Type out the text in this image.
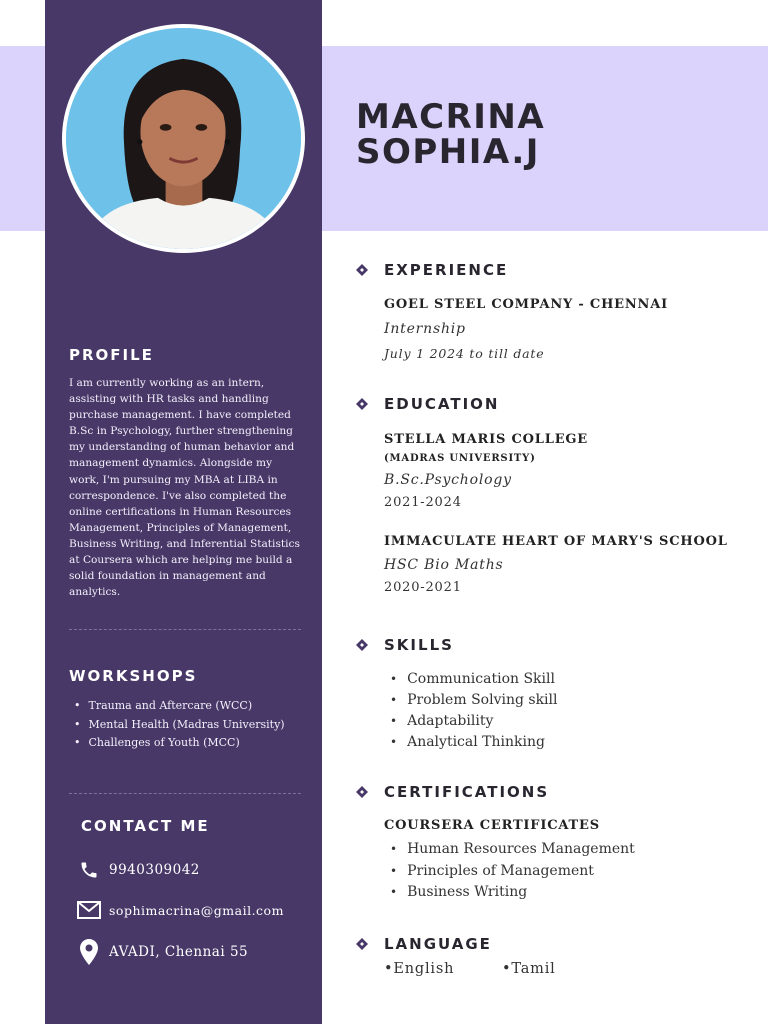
MACRINA
SOPHIA.J
PROFILE

I am currently working as an intern, assisting with HR tasks and handling purchase management. I have completed B.Sc in Psychology, further strengthening my understanding of human behavior and management dynamics. Alongside my work, I'm pursuing my MBA at LIBA in correspondence. I've also completed the online certifications in Human Resources Management, Principles of Management, Business Writing, and Inferential Statistics at Coursera which are helping me build a solid foundation in management and analytics.

WORKSHOPS
• Trauma and Aftercare (WCC)
• Mental Health (Madras University)
• Challenges of Youth (MCC)
CONTACT ME
9940309042
sophimacrina@gmail.com
AVADI, Chennai 55
EXPERIENCE
GOEL STEEL COMPANY - CHENNAI
Internship
July 1 2024 to till date
EDUCATION
STELLA MARIS COLLEGE
(MADRAS UNIVERSITY)
B.Sc.Psychology
2021-2024
IMMACULATE HEART OF MARY'S SCHOOL
HSC Bio Maths
2020-2021
SKILLS
• Communication Skill
• Problem Solving skill
• Adaptability
• Analytical Thinking
CERTIFICATIONS
COURSERA CERTIFICATES
• Human Resources Management
• Principles of Management
• Business Writing
LANGUAGE
•English	•Tamil
